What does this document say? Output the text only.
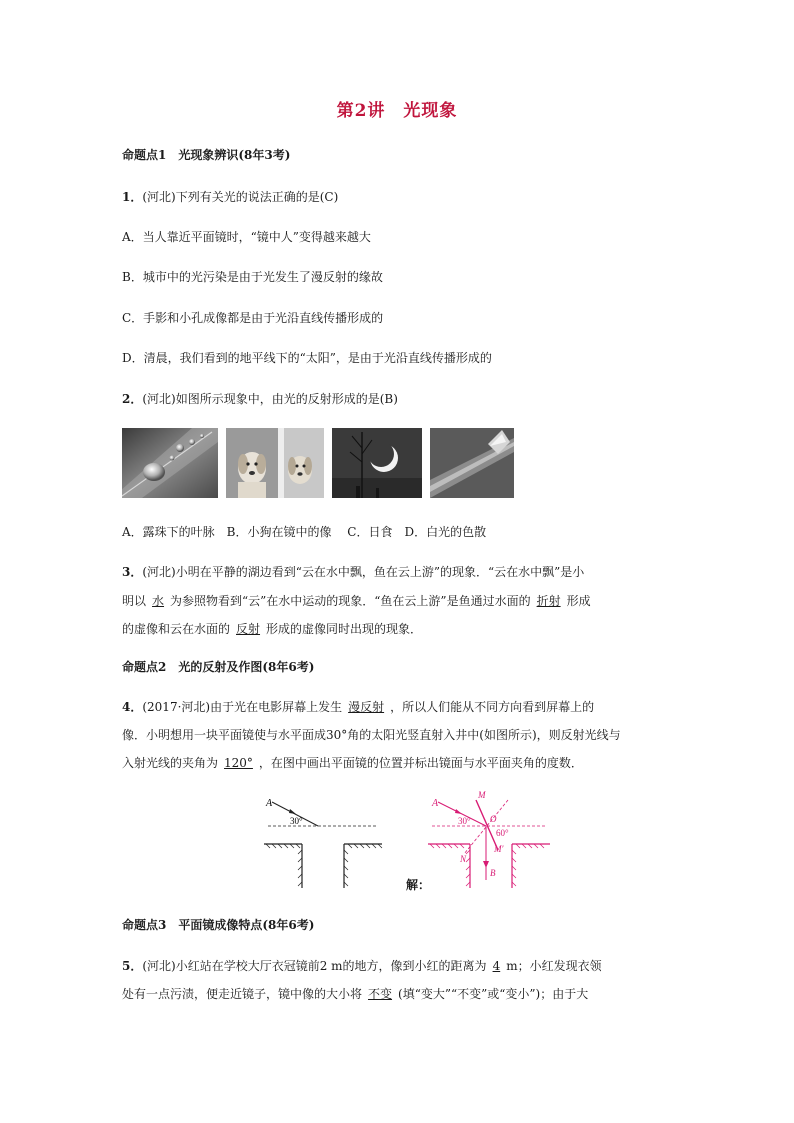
第2讲　光现象
命题点1　光现象辨识(8年3考)
1．(河北)下列有关光的说法正确的是(C)
A．当人靠近平面镜时，“镜中人”变得越来越大
B．城市中的光污染是由于光发生了漫反射的缘故
C．手影和小孔成像都是由于光沿直线传播形成的
D．清晨，我们看到的地平线下的“太阳”，是由于光沿直线传播形成的
2．(河北)如图所示现象中，由光的反射形成的是(B)
A．露珠下的叶脉　B．小狗在镜中的像　 C．日食　D．白光的色散
3．(河北)小明在平静的湖边看到“云在水中飘，鱼在云上游”的现象．“云在水中飘”是小
明以 水 为参照物看到“云”在水中运动的现象．“鱼在云上游”是鱼通过水面的 折射 形成
的虚像和云在水面的 反射 形成的虚像同时出现的现象．
命题点2　光的反射及作图(8年6考)
4．(2017·河北)由于光在电影屏幕上发生 漫反射 ，所以人们能从不同方向看到屏幕上的
像．小明想用一块平面镜使与水平面成30°角的太阳光竖直射入井中(如图所示)，则反射光线与
入射光线的夹角为 120° ，在图中画出平面镜的位置并标出镜面与水平面夹角的度数．
A
30°
解：
A
M
O
N
M′
B
30°
60°
命题点3　平面镜成像特点(8年6考)
5．(河北)小红站在学校大厅衣冠镜前2 m的地方，像到小红的距离为 4 m；小红发现衣领
处有一点污渍，便走近镜子，镜中像的大小将 不变 (填“变大”“不变”或“变小”)；由于大
